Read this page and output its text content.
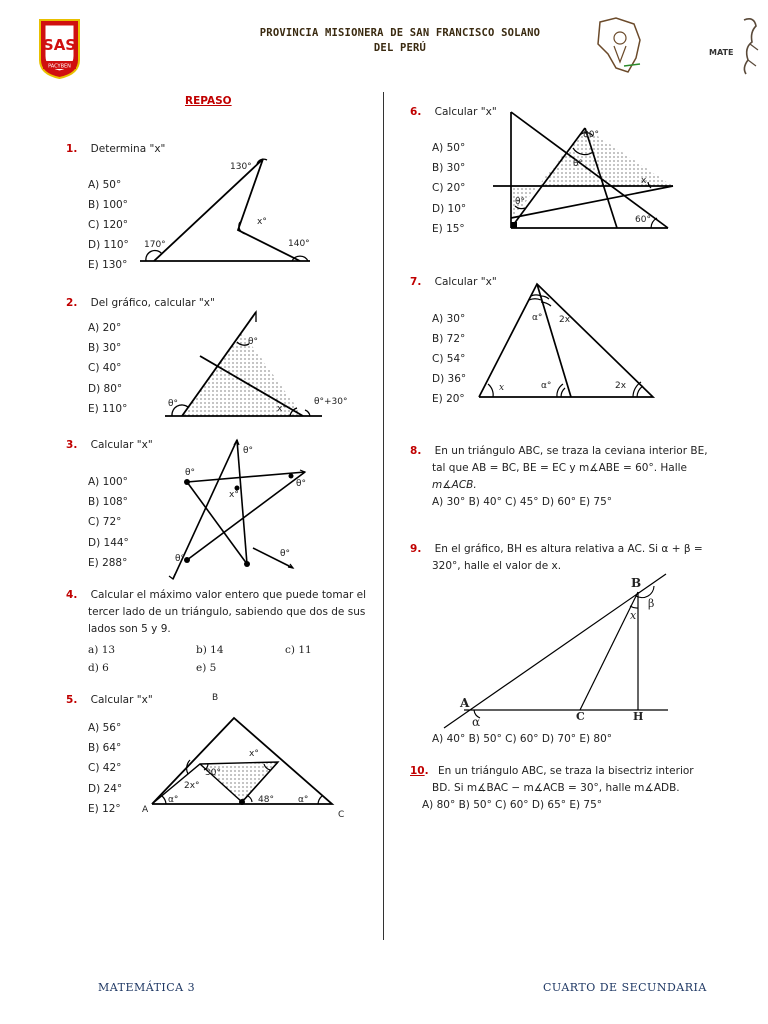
SAS
PACYBEN
PROVINCIA MISIONERA DE SAN FRANCISCO SOLANO
DEL PERÚ	MATE
REPASO
1. Determina "x"
A) 50°
B) 100°
C) 120°
D) 110°
E) 130°
130°
x°
170°	140°
2. Del gráfico, calcular "x"
A) 20°
B) 30°
C) 40°
D) 80°
E) 110°
θ°
θ°	x°
θ°+30°
3. Calcular "x"
A) 100°
B) 108°
C) 72°
D) 144°
E) 288°
θ°
θ°
θ°
θ°	θ°
x°
4. Calcular el máximo valor entero que puede tomar el
tercer lado de un triángulo, sabiendo que dos de sus
lados son 5 y 9.
a) 13	b) 14	c) 11
d) 6	e) 5
5. Calcular "x"
A) 56°
B) 64°
C) 42°
D) 24°
E) 12°
B
A	C
x°
30°
2x°
α°	48°	α°
6. Calcular "x"
A) 50°
B) 30°
C) 20°
D) 10°
E) 15°
80°
θ°
x
θ°
60°
7. Calcular "x"
A) 30°
B) 72°
C) 54°
D) 36°
E) 20°
α° 2x
x	α°	2x
8. En un triángulo ABC, se traza la ceviana interior BE,
tal que AB = BC, BE = EC y m∡ABE = 60°. Halle
m∡ACB.
A) 30° B) 40° C) 45° D) 60° E) 75°
9. En el gráfico, BH es altura relativa a AC. Si α + β =
320°, halle el valor de x.
B
β
x
A
α	C	H
A) 40° B) 50° C) 60° D) 70° E) 80°
10. En un triángulo ABC, se traza la bisectriz interior
BD. Si m∡BAC − m∡ACB = 30°, halle m∡ADB.
A) 80° B) 50° C) 60° D) 65° E) 75°
MATEMÁTICA 3	CUARTO DE SECUNDARIA
